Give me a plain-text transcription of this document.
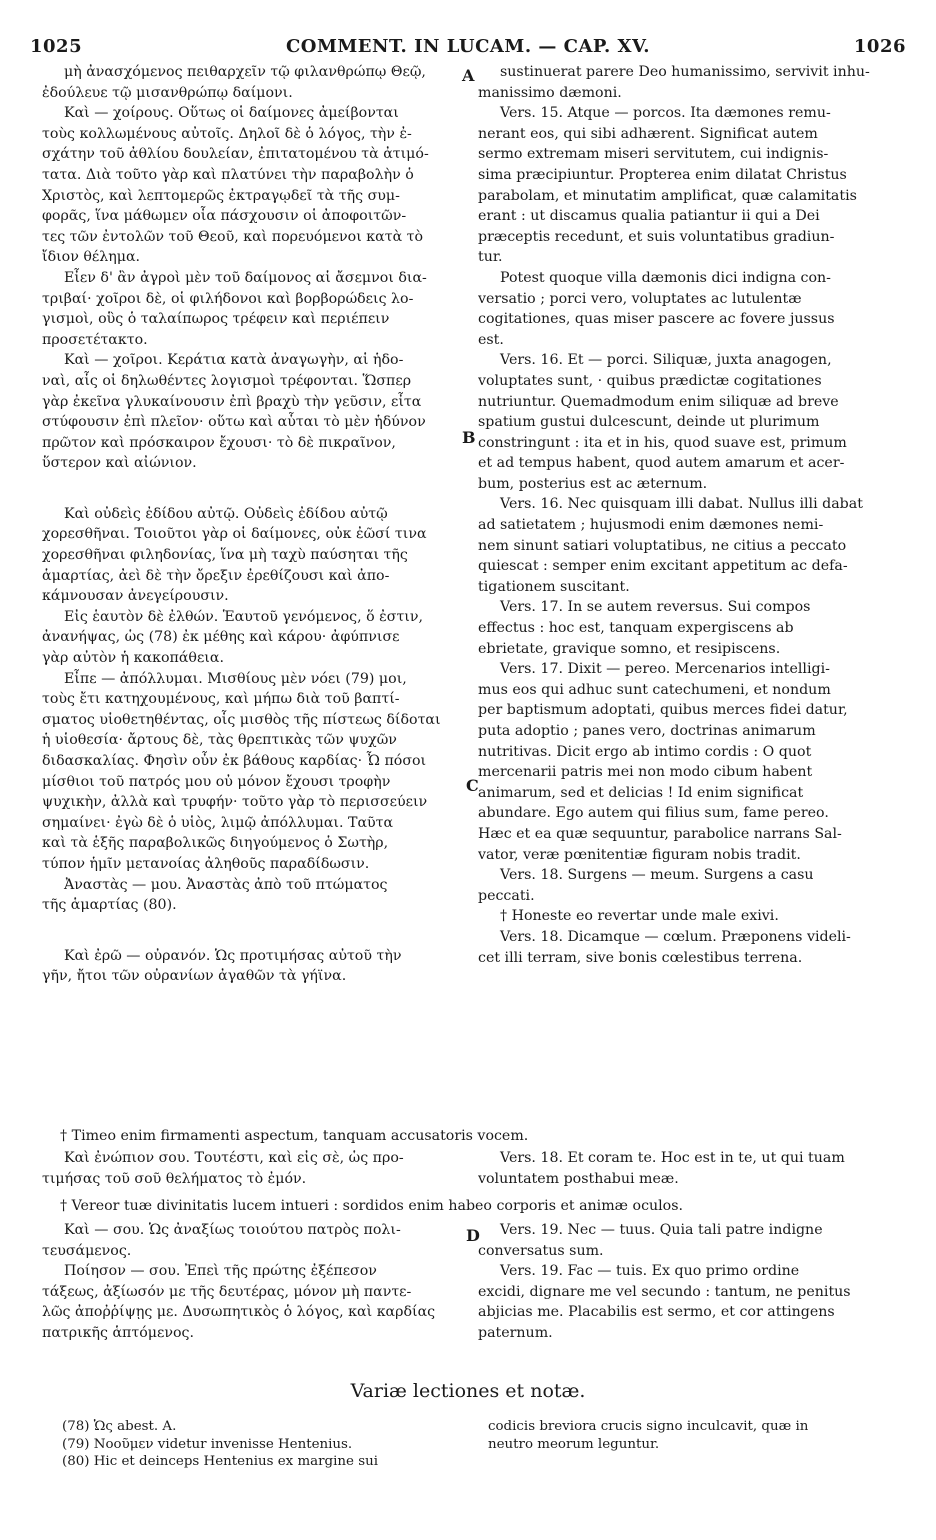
1025	COMMENT. IN LUCAM. — CAP. XV.	1026
A
B
C
D

μὴ ἀνασχόμενος πειθαρχεῖν τῷ φιλανθρώπῳ Θεῷ,

ἐδούλευε τῷ μισανθρώπῳ δαίμονι.

Καὶ — χοίρους. Οὕτως οἱ δαίμονες ἀμείβονται

τοὺς κολλωμένους αὐτοῖς. Δηλοῖ δὲ ὁ λόγος, τὴν ἐ-

σχάτην τοῦ ἀθλίου δουλείαν, ἐπιτατομένου τὰ ἀτιμό-

τατα. Διὰ τοῦτο γὰρ καὶ πλατύνει τὴν παραβολὴν ὁ

Χριστὸς, καὶ λεπτομερῶς ἐκτραγῳδεῖ τὰ τῆς συμ-

φορᾶς, ἵνα μάθωμεν οἷα πάσχουσιν οἱ ἀποφοιτῶν-

τες τῶν ἐντολῶν τοῦ Θεοῦ, καὶ πορευόμενοι κατὰ τὸ

ἴδιον θέλημα.

Εἶεν δ' ἂν ἀγροὶ μὲν τοῦ δαίμονος αἱ ἄσεμνοι δια-

τριβαί· χοῖροι δὲ, οἱ φιλήδονοι καὶ βορβορώδεις λο-

γισμοὶ, οὓς ὁ ταλαίπωρος τρέφειν καὶ περιέπειν

προσετέτακτο.

Καὶ — χοῖροι. Κεράτια κατὰ ἀναγωγὴν, αἱ ἡδο-

ναὶ, αἷς οἱ δηλωθέντες λογισμοὶ τρέφονται. Ὥσπερ

γὰρ ἐκεῖνα γλυκαίνουσιν ἐπὶ βραχὺ τὴν γεῦσιν, εἶτα

στύφουσιν ἐπὶ πλεῖον· οὕτω καὶ αὗται τὸ μὲν ἡδύνον

πρῶτον καὶ πρόσκαιρον ἔχουσι· τὸ δὲ πικραῖνον,

ὕστερον καὶ αἰώνιον.

Καὶ οὐδεὶς ἐδίδου αὐτῷ. Οὐδεὶς ἐδίδου αὐτῷ

χορεσθῆναι. Τοιοῦτοι γὰρ οἱ δαίμονες, οὐκ ἐῶσί τινα

χορεσθῆναι φιληδονίας, ἵνα μὴ ταχὺ παύσηται τῆς

ἁμαρτίας, ἀεὶ δὲ τὴν ὄρεξιν ἐρεθίζουσι καὶ ἀπο-

κάμνουσαν ἀνεγείρουσιν.

Εἰς ἑαυτὸν δὲ ἐλθών. Ἑαυτοῦ γενόμενος, ὅ ἐστιν,

ἀνανήψας, ὡς (78) ἐκ μέθης καὶ κάρου· ἀφύπνισε

γὰρ αὐτὸν ἡ κακοπάθεια.

Εἶπε — ἀπόλλυμαι. Μισθίους μὲν νόει (79) μοι,

τοὺς ἔτι κατηχουμένους, καὶ μήπω διὰ τοῦ βαπτί-

σματος υἱοθετηθέντας, οἷς μισθὸς τῆς πίστεως δίδοται

ἡ υἱοθεσία· ἄρτους δὲ, τὰς θρεπτικὰς τῶν ψυχῶν

διδασκαλίας. Φησὶν οὖν ἐκ βάθους καρδίας· Ὦ πόσοι

μίσθιοι τοῦ πατρός μου οὐ μόνον ἔχουσι τροφὴν

ψυχικὴν, ἀλλὰ καὶ τρυφήν· τοῦτο γὰρ τὸ περισσεύειν

σημαίνει· ἐγὼ δὲ ὁ υἱὸς, λιμῷ ἀπόλλυμαι. Ταῦτα

καὶ τὰ ἑξῆς παραβολικῶς διηγούμενος ὁ Σωτὴρ,

τύπον ἡμῖν μετανοίας ἀληθοῦς παραδίδωσιν.

Ἀναστὰς — μου. Ἀναστὰς ἀπὸ τοῦ πτώματος

τῆς ἁμαρτίας (80).

Καὶ ἐρῶ — οὐρανόν. Ὡς προτιμήσας αὐτοῦ τὴν

γῆν, ἤτοι τῶν οὐρανίων ἀγαθῶν τὰ γήϊνα.

sustinuerat parere Deo humanissimo, servivit inhu-

manissimo dæmoni.

Vers. 15. Atque — porcos. Ita dæmones remu-

nerant eos, qui sibi adhærent. Significat autem

sermo extremam miseri servitutem, cui indignis-

sima præcipiuntur. Propterea enim dilatat Christus

parabolam, et minutatim amplificat, quæ calamitatis

erant : ut discamus qualia patiantur ii qui a Dei

præceptis recedunt, et suis voluntatibus gradiun-

tur.

Potest quoque villa dæmonis dici indigna con-

versatio ; porci vero, voluptates ac lutulentæ

cogitationes, quas miser pascere ac fovere jussus

est.

Vers. 16. Et — porci. Siliquæ, juxta anagogen,

voluptates sunt, · quibus prædictæ cogitationes

nutriuntur. Quemadmodum enim siliquæ ad breve

spatium gustui dulcescunt, deinde ut plurimum

constringunt : ita et in his, quod suave est, primum

et ad tempus habent, quod autem amarum et acer-

bum, posterius est ac æternum.

Vers. 16. Nec quisquam illi dabat. Nullus illi dabat

ad satietatem ; hujusmodi enim dæmones nemi-

nem sinunt satiari voluptatibus, ne citius a peccato

quiescat : semper enim excitant appetitum ac defa-

tigationem suscitant.

Vers. 17. In se autem reversus. Sui compos

effectus : hoc est, tanquam expergiscens ab

ebrietate, gravique somno, et resipiscens.

Vers. 17. Dixit — pereo. Mercenarios intelligi-

mus eos qui adhuc sunt catechumeni, et nondum

per baptismum adoptati, quibus merces fidei datur,

puta adoptio ; panes vero, doctrinas animarum

nutritivas. Dicit ergo ab intimo cordis : O quot

mercenarii patris mei non modo cibum habent

animarum, sed et delicias ! Id enim significat

abundare. Ego autem qui filius sum, fame pereo.

Hæc et ea quæ sequuntur, parabolice narrans Sal-

vator, veræ pœnitentiæ figuram nobis tradit.

Vers. 18. Surgens — meum. Surgens a casu

peccati.

† Honeste eo revertar unde male exivi.

Vers. 18. Dicamque — cœlum. Præponens videli-

cet illi terram, sive bonis cœlestibus terrena.

† Timeo enim firmamenti aspectum, tanquam accusatoris vocem.

Καὶ ἐνώπιον σου. Τουτέστι, καὶ εἰς σὲ, ὡς προ-

τιμήσας τοῦ σοῦ θελήματος τὸ ἐμόν.

Vers. 18. Et coram te. Hoc est in te, ut qui tuam

voluntatem posthabui meæ.

† Vereor tuæ divinitatis lucem intueri : sordidos enim habeo corporis et animæ oculos.

Καὶ — σου. Ὡς ἀναξίως τοιούτου πατρὸς πολι-

τευσάμενος.

Ποίησον — σου. Ἐπεὶ τῆς πρώτης ἐξέπεσον

τάξεως, ἀξίωσόν με τῆς δευτέρας, μόνον μὴ παντε-

λῶς ἀποῤῥίψῃς με. Δυσωπητικὸς ὁ λόγος, καὶ καρδίας

πατρικῆς ἁπτόμενος.

Vers. 19. Nec — tuus. Quia tali patre indigne

conversatus sum.

Vers. 19. Fac — tuis. Ex quo primo ordine

excidi, dignare me vel secundo : tantum, ne penitus

abjicias me. Placabilis est sermo, et cor attingens

paternum.

Variæ lectiones et notæ.

(78) Ὡς abest. A.

(79) Νοοῦμεν videtur invenisse Hentenius.

(80) Hic et deinceps Hentenius ex margine sui

codicis breviora crucis signo inculcavit, quæ in

neutro meorum leguntur.
